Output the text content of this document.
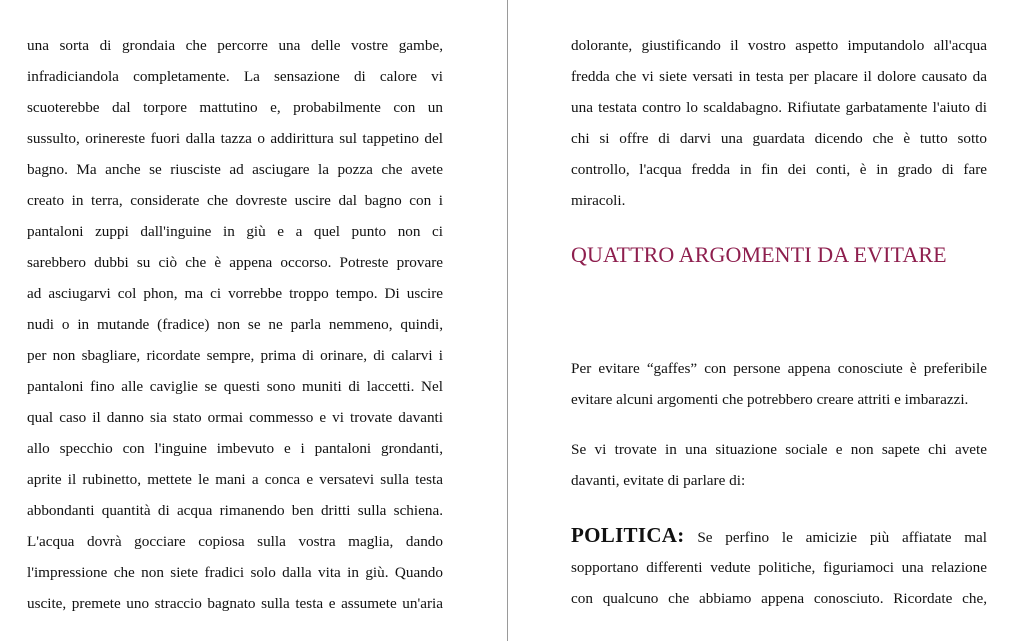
una sorta di grondaia che percorre una delle vostre gambe,
infradiciandola completamente. La sensazione di calore vi
scuoterebbe dal torpore mattutino e, probabilmente con un
sussulto, orinereste fuori dalla tazza o addirittura sul tappetino del
bagno. Ma anche se riusciste ad asciugare la pozza che avete
creato in terra, considerate che dovreste uscire dal bagno con i
pantaloni zuppi dall'inguine in giù e a quel punto non ci
sarebbero dubbi su ciò che è appena occorso. Potreste provare
ad asciugarvi col phon, ma ci vorrebbe troppo tempo. Di uscire
nudi o in mutande (fradice) non se ne parla nemmeno, quindi,
per non sbagliare, ricordate sempre, prima di orinare, di calarvi i
pantaloni fino alle caviglie se questi sono muniti di laccetti. Nel
qual caso il danno sia stato ormai commesso e vi trovate davanti
allo specchio con l'inguine imbevuto e i pantaloni grondanti,
aprite il rubinetto, mettete le mani a conca e versatevi sulla testa
abbondanti quantità di acqua rimanendo ben dritti sulla schiena.
L'acqua dovrà gocciare copiosa sulla vostra maglia, dando
l'impressione che non siete fradici solo dalla vita in giù. Quando
uscite, premete uno straccio bagnato sulla testa e assumete un'aria
dolorante, giustificando il vostro aspetto imputandolo all'acqua
fredda che vi siete versati in testa per placare il dolore causato da
una testata contro lo scaldabagno. Rifiutate garbatamente l'aiuto di
chi si offre di darvi una guardata dicendo che è tutto sotto
controllo, l'acqua fredda in fin dei conti, è in grado di fare
miracoli.
QUATTRO ARGOMENTI DA EVITARE
Per evitare “gaffes” con persone appena conosciute è preferibile
evitare alcuni argomenti che potrebbero creare attriti e imbarazzi.
Se vi trovate in una situazione sociale e non sapete chi avete
davanti, evitate di parlare di:
POLITICA: Se perfino le amicizie più affiatate mal
sopportano differenti vedute politiche, figuriamoci una relazione
con qualcuno che abbiamo appena conosciuto. Ricordate che,
